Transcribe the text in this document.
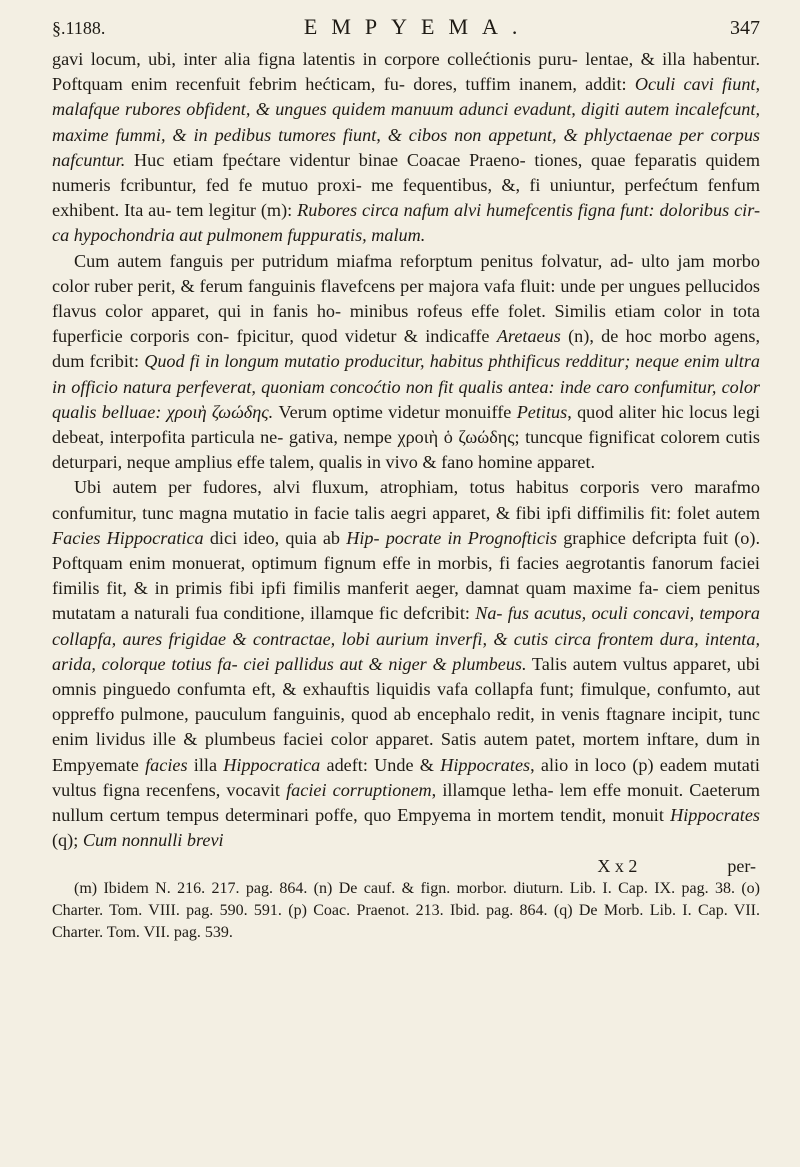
§.1188.	EMPYEMA.	347

gavi locum, ubi, inter alia figna latentis in corpore collećtionis puru- lentae, & illa habentur. Poftquam enim recenfuit febrim hećticam, fu- dores, tuffim inanem, addit: Oculi cavi fiunt, malafque rubores obfident, & ungues quidem manuum adunci evadunt, digiti autem incalefcunt, maxime fummi, & in pedibus tumores fiunt, & cibos non appetunt, & phlyctaenae per corpus nafcuntur. Huc etiam fpećtare videntur binae Coacae Praeno- tiones, quae feparatis quidem numeris fcribuntur, fed fe mutuo proxi- me fequentibus, &, fi uniuntur, perfećtum fenfum exhibent. Ita au- tem legitur (m): Rubores circa nafum alvi humefcentis figna funt: doloribus cir- ca hypochondria aut pulmonem fuppuratis, malum.

Cum autem fanguis per putridum miafma reforptum penitus folvatur, ad- ulto jam morbo color ruber perit, & ferum fanguinis flavefcens per majora vafa fluit: unde per ungues pellucidos flavus color apparet, qui in fanis ho- minibus rofeus effe folet. Similis etiam color in tota fuperficie corporis con- fpicitur, quod videtur & indicaffe Aretaeus (n), de hoc morbo agens, dum fcribit: Quod fi in longum mutatio producitur, habitus phthificus redditur; neque enim ultra in officio natura perfeverat, quoniam concoćtio non fit qualis antea: inde caro confumitur, color qualis belluae: χροιὴ ζωώδης. Verum optime videtur monuiffe Petitus, quod aliter hic locus legi debeat, interpofita particula ne- gativa, nempe χροιὴ ὁ ζωώδης; tuncque fignificat colorem cutis deturpari, neque amplius effe talem, qualis in vivo & fano homine apparet.

Ubi autem per fudores, alvi fluxum, atrophiam, totus habitus corporis vero marafmo confumitur, tunc magna mutatio in facie talis aegri apparet, & fibi ipfi diffimilis fit: folet autem Facies Hippocratica dici ideo, quia ab Hip- pocrate in Prognofticis graphice defcripta fuit (o). Poftquam enim monuerat, optimum fignum effe in morbis, fi facies aegrotantis fanorum faciei fimilis fit, & in primis fibi ipfi fimilis manferit aeger, damnat quam maxime fa- ciem penitus mutatam a naturali fua conditione, illamque fic defcribit: Na- fus acutus, oculi concavi, tempora collapfa, aures frigidae & contractae, lobi aurium inverfi, & cutis circa frontem dura, intenta, arida, colorque totius fa- ciei pallidus aut & niger & plumbeus. Talis autem vultus apparet, ubi omnis pinguedo confumta eft, & exhauftis liquidis vafa collapfa funt; fimulque, confumto, aut oppreffo pulmone, pauculum fanguinis, quod ab encephalo redit, in venis ftagnare incipit, tunc enim lividus ille & plumbeus faciei color apparet. Satis autem patet, mortem inftare, dum in Empyemate facies illa Hippocratica adeft: Unde & Hippocrates, alio in loco (p) eadem mutati vultus figna recenfens, vocavit faciei corruptionem, illamque letha- lem effe monuit. Caeterum nullum certum tempus determinari poffe, quo Empyema in mortem tendit, monuit Hippocrates (q); Cum nonnulli brevi

X x 2	per-

(m) Ibidem N. 216. 217. pag. 864. (n) De cauf. & fign. morbor. diuturn. Lib. I. Cap. IX. pag. 38. (o) Charter. Tom. VIII. pag. 590. 591. (p) Coac. Praenot. 213. Ibid. pag. 864. (q) De Morb. Lib. I. Cap. VII. Charter. Tom. VII. pag. 539.
